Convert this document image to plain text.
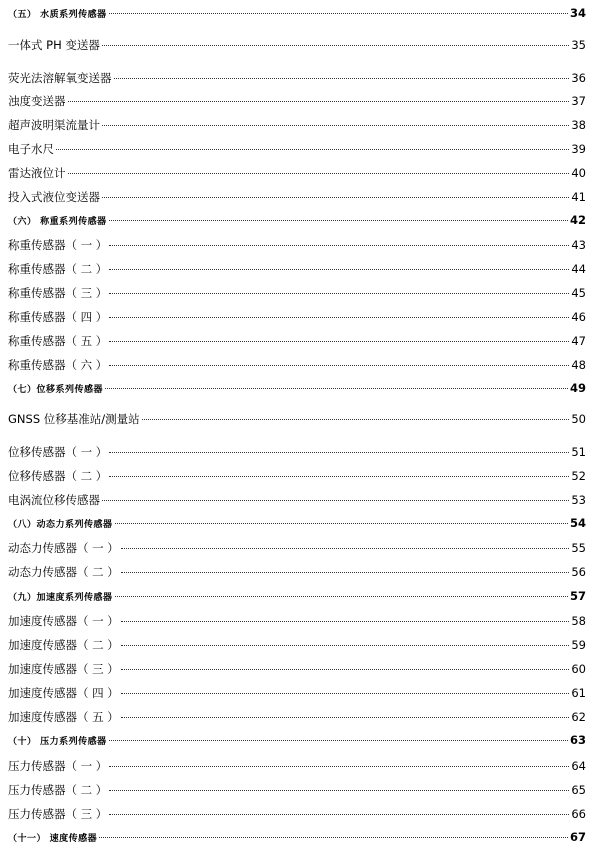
（五） 水质系列传感器	34
一体式 PH 变送器	35
荧光法溶解氧变送器	36
浊度变送器	37
超声波明渠流量计	38
电子水尺	39
雷达液位计	40
投入式液位变送器	41
（六） 称重系列传感器	42
称重传感器（ 一 ）	43
称重传感器（ 二 ）	44
称重传感器（ 三 ）	45
称重传感器（ 四 ）	46
称重传感器（ 五 ）	47
称重传感器（ 六 ）	48
（七）位移系列传感器	49
GNSS 位移基准站/测量站	50
位移传感器（ 一 ）	51
位移传感器（ 二 ）	52
电涡流位移传感器	53
（八）动态力系列传感器	54
动态力传感器（ 一 ）	55
动态力传感器（ 二 ）	56
（九）加速度系列传感器	57
加速度传感器（ 一 ）	58
加速度传感器（ 二 ）	59
加速度传感器（ 三 ）	60
加速度传感器（ 四 ）	61
加速度传感器（ 五 ）	62
（十） 压力系列传感器	63
压力传感器（ 一 ）	64
压力传感器（ 二 ）	65
压力传感器（ 三 ）	66
（十一） 速度传感器	67
